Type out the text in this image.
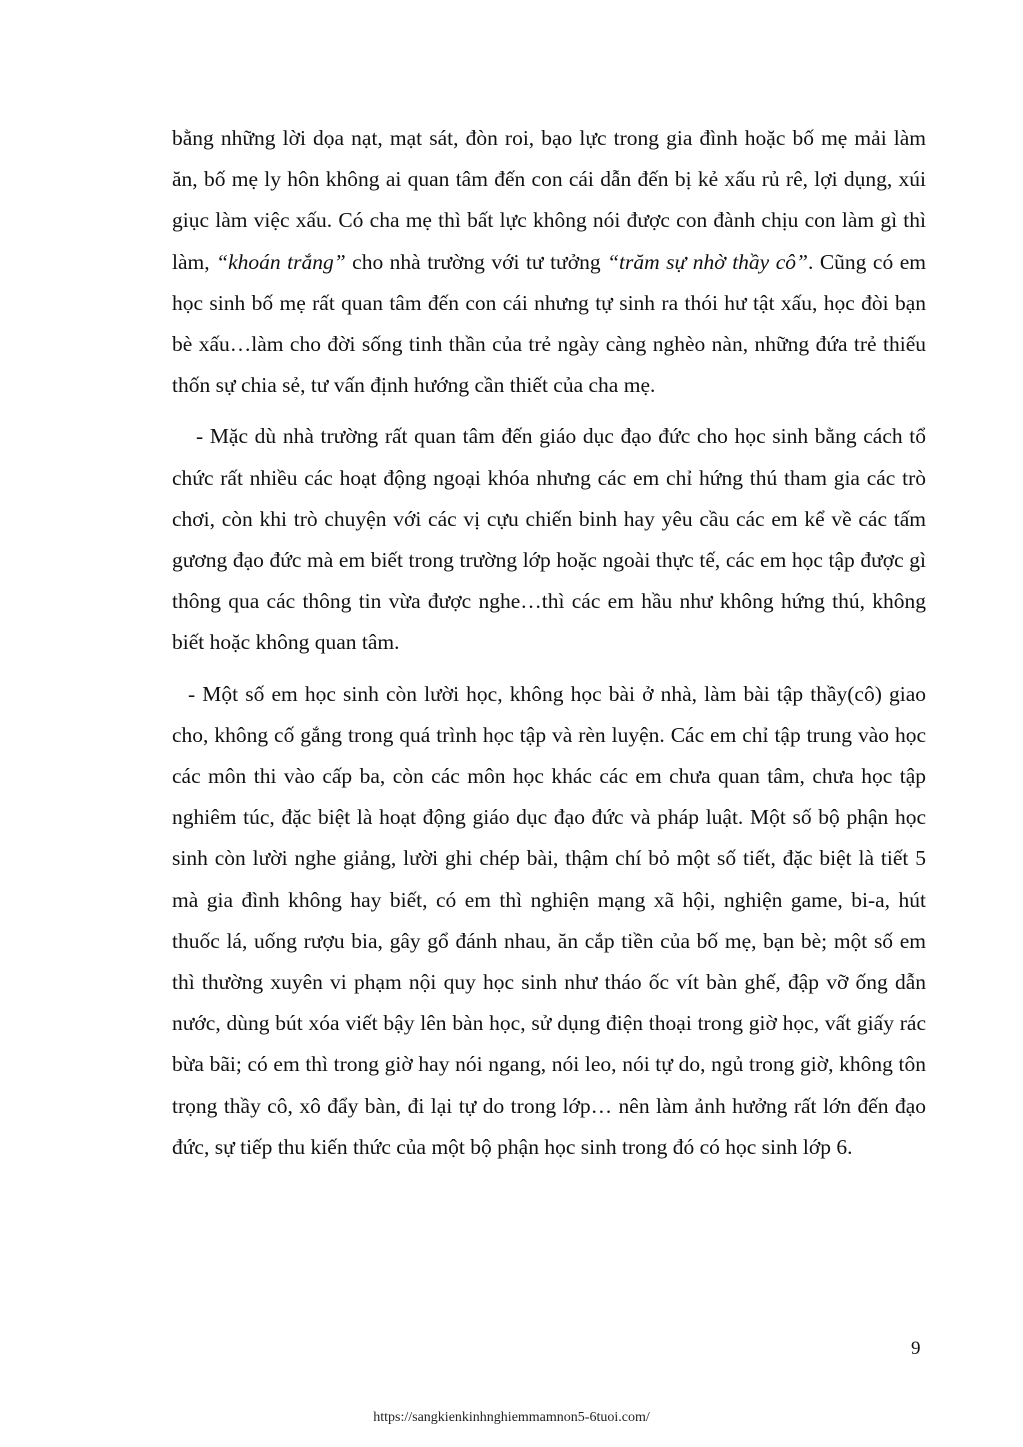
bằng những lời dọa nạt, mạt sát, đòn roi, bạo lực trong gia đình hoặc bố mẹ mải làm ăn, bố mẹ ly hôn không ai quan tâm đến con cái dẫn đến bị kẻ xấu rủ rê, lợi dụng, xúi giục làm việc xấu. Có cha mẹ thì bất lực không nói được con đành chịu con làm gì thì làm, “khoán trắng” cho nhà trường với tư tưởng “trăm sự nhờ thầy cô”. Cũng có em học sinh bố mẹ rất quan tâm đến con cái nhưng tự sinh ra thói hư tật xấu, học đòi bạn bè xấu…làm cho đời sống tinh thần của trẻ ngày càng nghèo nàn, những đứa trẻ thiếu thốn sự chia sẻ, tư vấn định hướng cần thiết của cha mẹ.

- Mặc dù nhà trường rất quan tâm đến giáo dục đạo đức cho học sinh bằng cách tổ chức rất nhiều các hoạt động ngoại khóa nhưng các em chỉ hứng thú tham gia các trò chơi, còn khi trò chuyện với các vị cựu chiến binh hay yêu cầu các em kể về các tấm gương đạo đức mà em biết trong trường lớp hoặc ngoài thực tế, các em học tập được gì thông qua các thông tin vừa được nghe…thì các em hầu như không hứng thú, không biết hoặc không quan tâm.

- Một số em học sinh còn lười học, không học bài ở nhà, làm bài tập thầy(cô) giao cho, không cố gắng trong quá trình học tập và rèn luyện. Các em chỉ tập trung vào học các môn thi vào cấp ba, còn các môn học khác các em chưa quan tâm, chưa học tập nghiêm túc, đặc biệt là hoạt động giáo dục đạo đức và pháp luật. Một số bộ phận học sinh còn lười nghe giảng, lười ghi chép bài, thậm chí bỏ một số tiết, đặc biệt là tiết 5 mà gia đình không hay biết, có em thì nghiện mạng xã hội, nghiện game, bi-a, hút thuốc lá, uống rượu bia, gây gổ đánh nhau, ăn cắp tiền của bố mẹ, bạn bè; một số em thì thường xuyên vi phạm nội quy học sinh như tháo ốc vít bàn ghế, đập vỡ ống dẫn nước, dùng bút xóa viết bậy lên bàn học, sử dụng điện thoại trong giờ học, vất giấy rác bừa bãi; có em thì trong giờ hay nói ngang, nói leo, nói tự do, ngủ trong giờ, không tôn trọng thầy cô, xô đẩy bàn, đi lại tự do trong lớp… nên làm ảnh hưởng rất lớn đến đạo đức, sự tiếp thu kiến thức của một bộ phận học sinh trong đó có học sinh lớp 6.

9
https://sangkienkinhnghiemmamnon5-6tuoi.com/
